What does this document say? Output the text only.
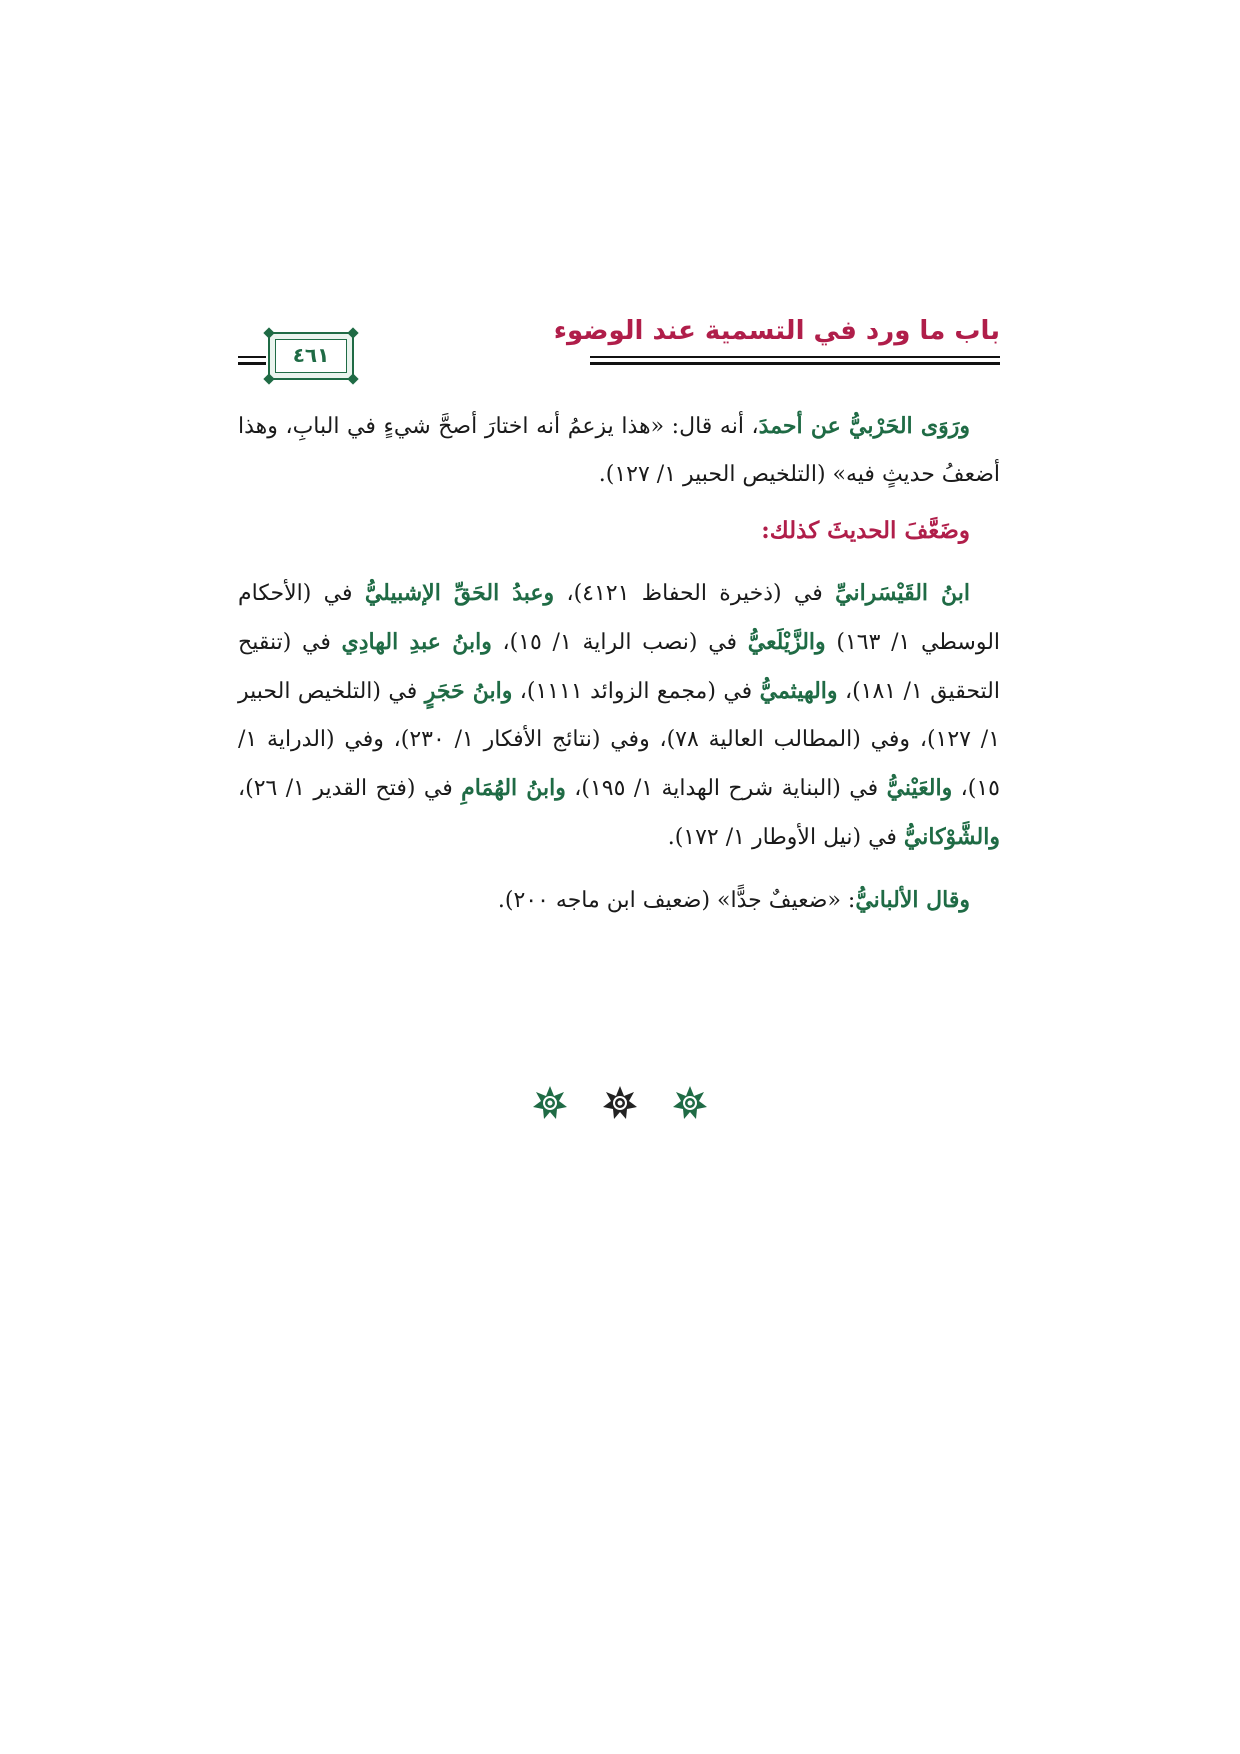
باب ما ورد في التسمية عند الوضوء
٤٦١

ورَوَى الحَرْبيُّ عن أحمدَ، أنه قال: «هذا يزعمُ أنه اختارَ أصحَّ شيءٍ في البابِ، وهذا أضعفُ حديثٍ فيه» (التلخيص الحبير ١/ ١٢٧).

وضَعَّفَ الحديثَ كذلك:

ابنُ القَيْسَرانيِّ في (ذخيرة الحفاظ ٤١٢١)، وعبدُ الحَقِّ الإشبيليُّ في (الأحكام الوسطي ١/ ١٦٣) والزَّيْلَعيُّ في (نصب الراية ١/ ١٥)، وابنُ عبدِ الهادِي في (تنقيح التحقيق ١/ ١٨١)، والهيثميُّ في (مجمع الزوائد ١١١١)، وابنُ حَجَرٍ في (التلخيص الحبير ١/ ١٢٧)، وفي (المطالب العالية ٧٨)، وفي (نتائج الأفكار ١/ ٢٣٠)، وفي (الدراية ١/ ١٥)، والعَيْنيُّ في (البناية شرح الهداية ١/ ١٩٥)، وابنُ الهُمَامِ في (فتح القدير ١/ ٢٦)، والشَّوْكانيُّ في (نيل الأوطار ١/ ١٧٢).

وقال الألبانيُّ: «ضعيفٌ جدًّا» (ضعيف ابن ماجه ٢٠٠).
